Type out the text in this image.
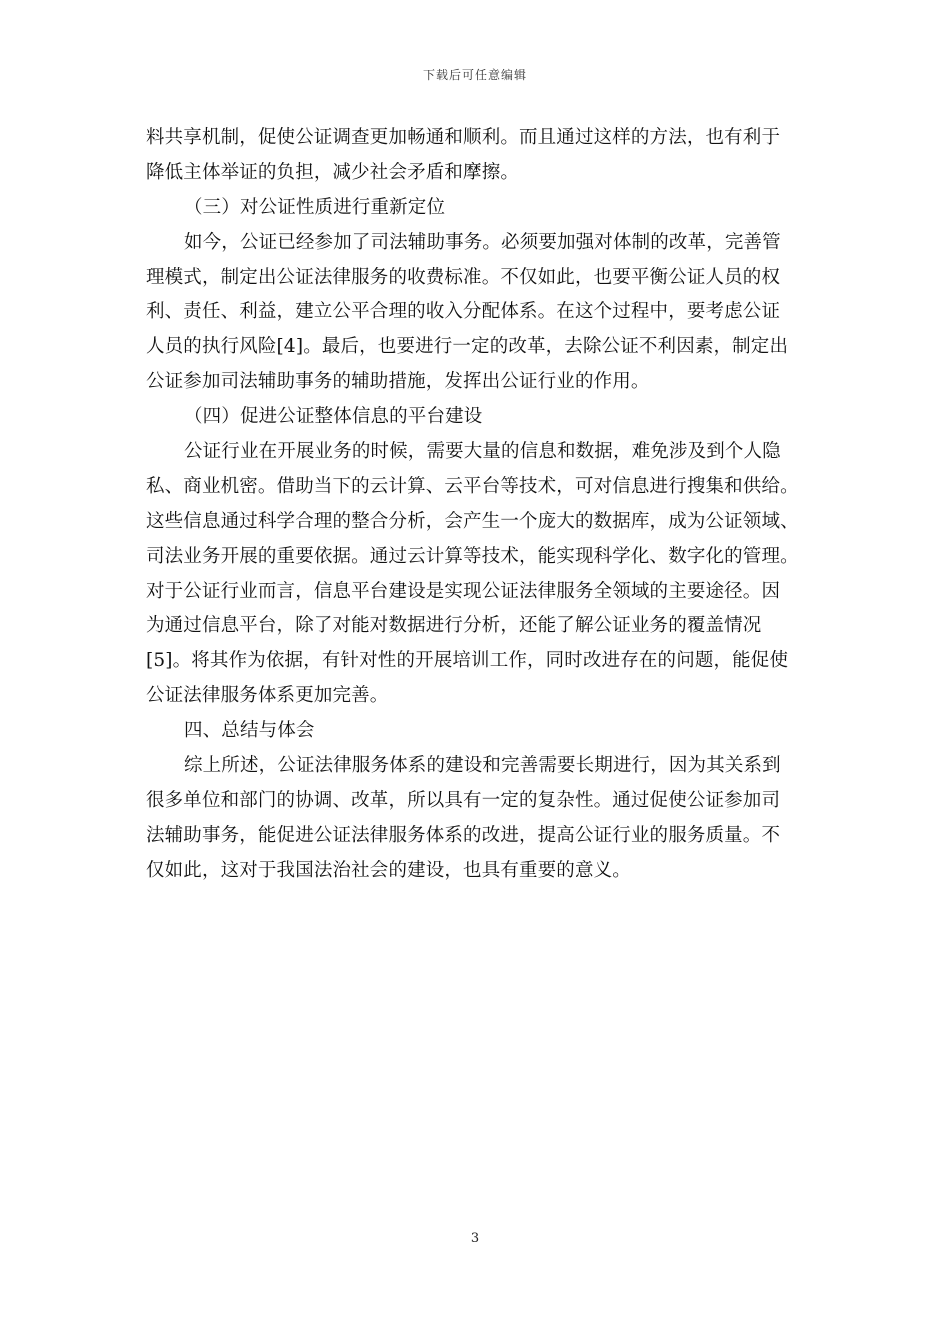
下载后可任意编辑
料共享机制，促使公证调查更加畅通和顺利。而且通过这样的方法，也有利于
降低主体举证的负担，减少社会矛盾和摩擦。
（三）对公证性质进行重新定位
如今，公证已经参加了司法辅助事务。必须要加强对体制的改革，完善管
理模式，制定出公证法律服务的收费标准。不仅如此，也要平衡公证人员的权
利、责任、利益，建立公平合理的收入分配体系。在这个过程中，要考虑公证
人员的执行风险[4]。最后，也要进行一定的改革，去除公证不利因素，制定出
公证参加司法辅助事务的辅助措施，发挥出公证行业的作用。
（四）促进公证整体信息的平台建设
公证行业在开展业务的时候，需要大量的信息和数据，难免涉及到个人隐
私、商业机密。借助当下的云计算、云平台等技术，可对信息进行搜集和供给。
这些信息通过科学合理的整合分析，会产生一个庞大的数据库，成为公证领域、
司法业务开展的重要依据。通过云计算等技术，能实现科学化、数字化的管理。
对于公证行业而言，信息平台建设是实现公证法律服务全领域的主要途径。因
为通过信息平台，除了对能对数据进行分析，还能了解公证业务的覆盖情况
[5]。将其作为依据，有针对性的开展培训工作，同时改进存在的问题，能促使
公证法律服务体系更加完善。
四、总结与体会
综上所述，公证法律服务体系的建设和完善需要长期进行，因为其关系到
很多单位和部门的协调、改革，所以具有一定的复杂性。通过促使公证参加司
法辅助事务，能促进公证法律服务体系的改进，提高公证行业的服务质量。不
仅如此，这对于我国法治社会的建设，也具有重要的意义。
3
